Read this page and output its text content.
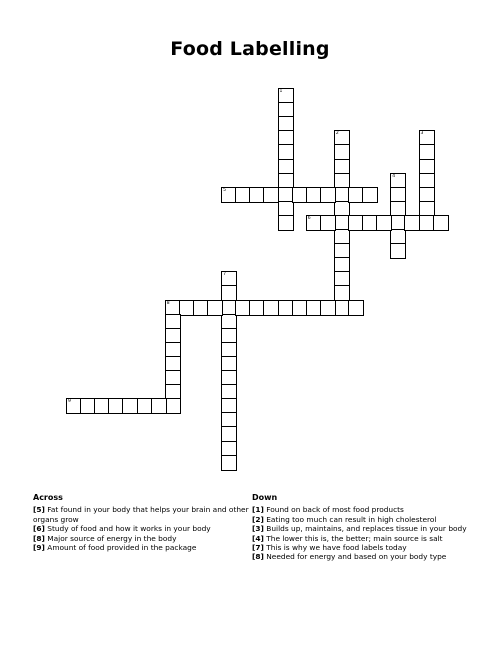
Food Labelling
1
2	3
4
5
6
7
8
9
Across
[5] Fat found in your body that helps your brain and other organs grow
[6] Study of food and how it works in your body
[8] Major source of energy in the body
[9] Amount of food provided in the package
Down
[1] Found on back of most food products
[2] Eating too much can result in high cholesterol
[3] Builds up, maintains, and replaces tissue in your body
[4] The lower this is, the better; main source is salt
[7] This is why we have food labels today
[8] Needed for energy and based on your body type
